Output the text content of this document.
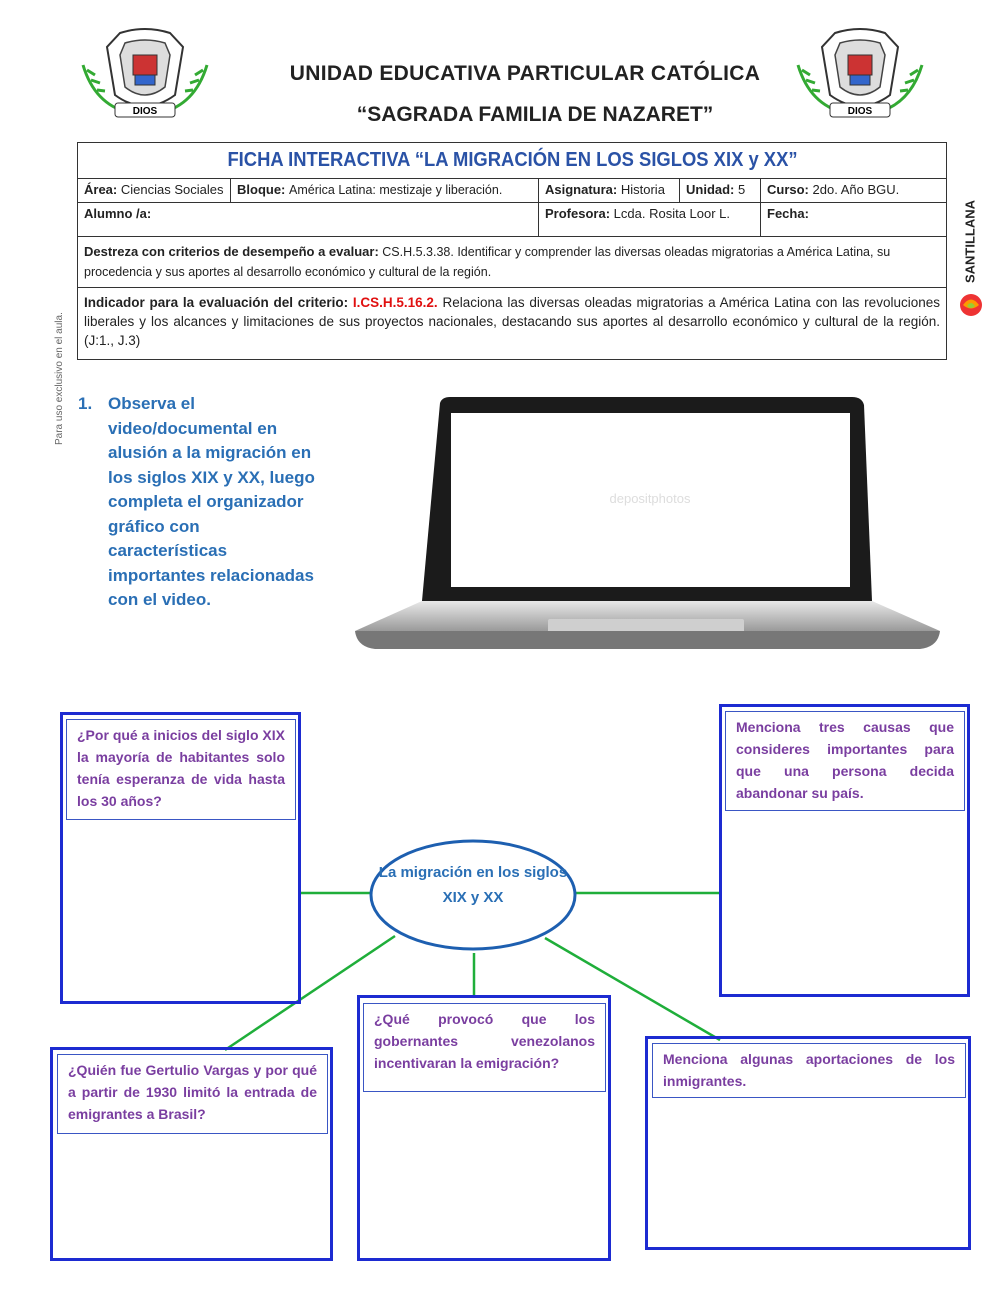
DIOS	DIOS
UNIDAD EDUCATIVA PARTICULAR CATÓLICA
“SAGRADA FAMILIA DE NAZARET”
Para uso exclusivo en el aula.
SANTILLANA
FICHA INTERACTIVA “LA MIGRACIÓN EN LOS SIGLOS XIX y XX”				
Área: Ciencias Sociales	Bloque: América Latina: mestizaje y liberación.	Asignatura: Historia	Unidad: 5	Curso: 2do. Año BGU.
Alumno /a:		Profesora: Lcda. Rosita Loor L.		Fecha:
Destreza con criterios de desempeño a evaluar: CS.H.5.3.38. Identificar y comprender las diversas oleadas migratorias a América Latina, su procedencia y sus aportes al desarrollo económico y cultural de la región.				
Indicador para la evaluación del criterio: I.CS.H.5.16.2. Relaciona las diversas oleadas migratorias a América Latina con las revoluciones liberales y los alcances y limitaciones de sus proyectos nacionales, destacando sus aportes al desarrollo económico y cultural de la región. (J:1., J.3)				
1. Observa el video/documental en alusión a la migración en los siglos XIX y XX, luego completa el organizador gráfico con características importantes relacionadas con el video.
depositphotos
La migración en los siglos XIX y XX
¿Por qué a inicios del siglo XIX la mayoría de habitantes solo tenía esperanza de vida hasta los 30 años?
Menciona tres causas que consideres importantes para que una persona decida abandonar su país.
¿Quién fue Gertulio Vargas y por qué a partir de 1930 limitó la entrada de emigrantes a Brasil?
¿Qué provocó que los gobernantes venezolanos incentivaran la emigración?	Menciona algunas aportaciones de los inmigrantes.
